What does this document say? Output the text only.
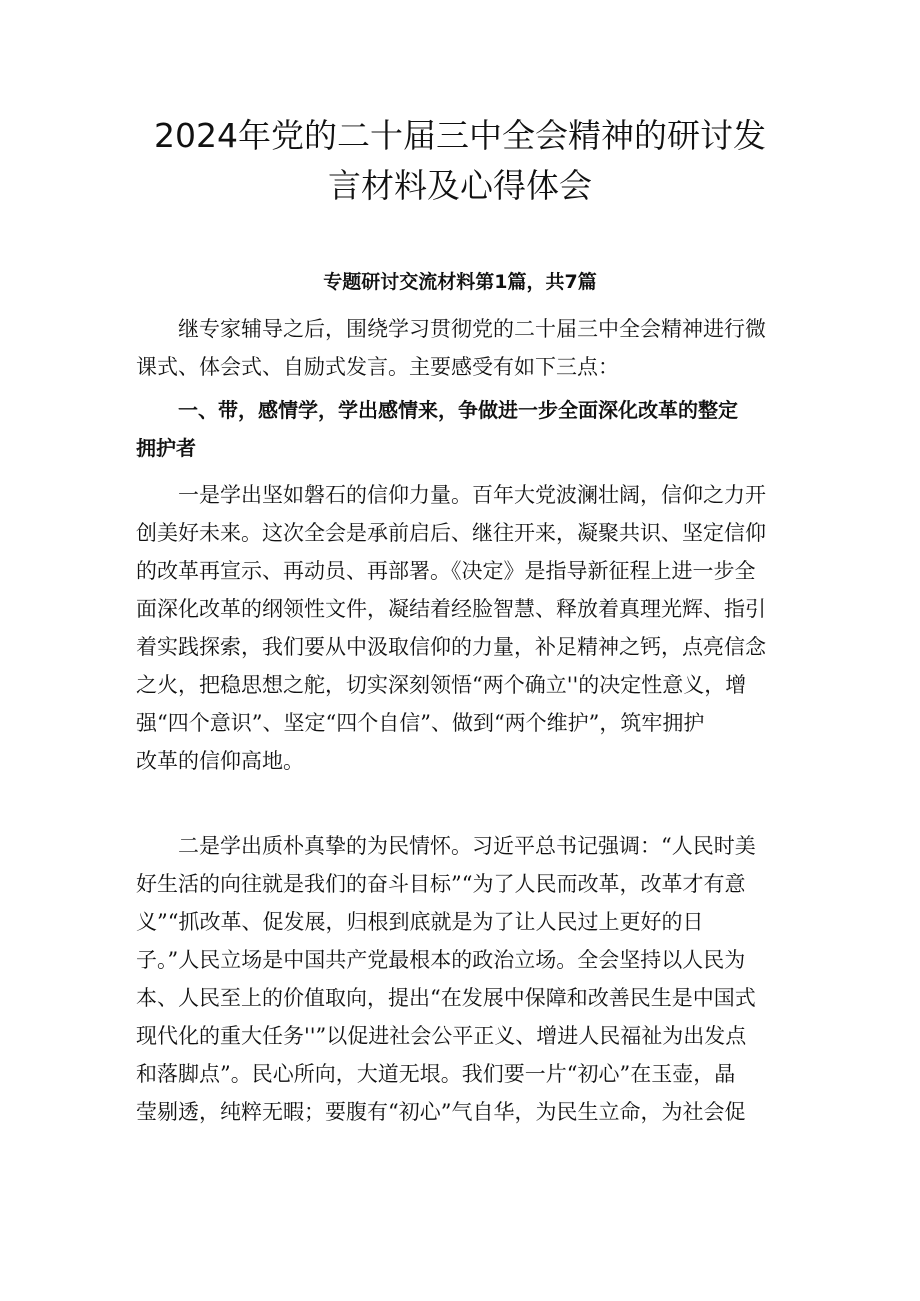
2024年党的二十届三中全会精神的研讨发
言材料及心得体会

专题研讨交流材料第1篇，共7篇

继专家辅导之后，围绕学习贯彻党的二十届三中全会精神进行微
课式、体会式、自励式发言。主要感受有如下三点：
一、带，感情学，学出感情来，争做进一步全面深化改革的整定
拥护者
一是学出坚如磐石的信仰力量。百年大党波澜壮阔，信仰之力开
创美好未来。这次全会是承前启后、继往开来，凝聚共识、坚定信仰
的改革再宣示、再动员、再部署。《决定》是指导新征程上进一步全
面深化改革的纲领性文件，凝结着经脸智慧、释放着真理光辉、指引
着实践探索，我们要从中汲取信仰的力量，补足精神之钙，点亮信念
之火，把稳思想之舵，切实深刻领悟“两个确立''的决定性意义，增
强“四个意识”、坚定“四个自信”、做到“两个维护”，筑牢拥护
改革的信仰高地。
二是学出质朴真挚的为民情怀。习近平总书记强调：“人民时美
好生活的向往就是我们的奋斗目标”“为了人民而改革，改革才有意
义”“抓改革、促发展，归根到底就是为了让人民过上更好的日
子。”人民立场是中国共产党最根本的政治立场。全会坚持以人民为
本、人民至上的价值取向，提出“在发展中保障和改善民生是中国式
现代化的重大任务''”以促进社会公平正义、增进人民福祉为出发点
和落脚点”。民心所向，大道无垠。我们要一片“初心”在玉壶，晶
莹剔透，纯粹无暇；要腹有“初心”气自华，为民生立命，为社会促
